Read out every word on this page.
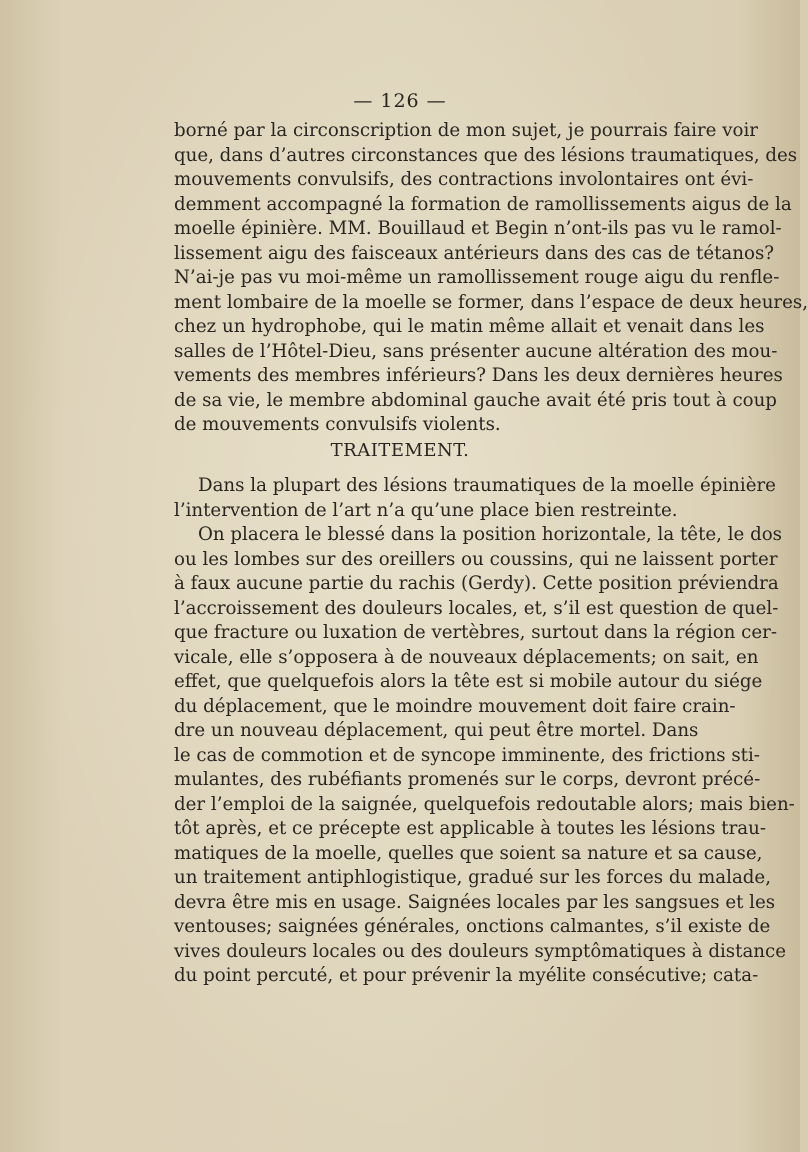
— 126 —
borné par la circonscription de mon sujet, je pourrais faire voir
que, dans d’autres circonstances que des lésions traumatiques, des
mouvements convulsifs, des contractions involontaires ont évi-
demment accompagné la formation de ramollissements aigus de la
moelle épinière. MM. Bouillaud et Begin n’ont-ils pas vu le ramol-
lissement aigu des faisceaux antérieurs dans des cas de tétanos?
N’ai-je pas vu moi-même un ramollissement rouge aigu du renfle-
ment lombaire de la moelle se former, dans l’espace de deux heures,
chez un hydrophobe, qui le matin même allait et venait dans les
salles de l’Hôtel-Dieu, sans présenter aucune altération des mou-
vements des membres inférieurs? Dans les deux dernières heures
de sa vie, le membre abdominal gauche avait été pris tout à coup
de mouvements convulsifs violents.
TRAITEMENT.
Dans la plupart des lésions traumatiques de la moelle épinière
l’intervention de l’art n’a qu’une place bien restreinte.
On placera le blessé dans la position horizontale, la tête, le dos
ou les lombes sur des oreillers ou coussins, qui ne laissent porter
à faux aucune partie du rachis (Gerdy). Cette position préviendra
l’accroissement des douleurs locales, et, s’il est question de quel-
que fracture ou luxation de vertèbres, surtout dans la région cer-
vicale, elle s’opposera à de nouveaux déplacements; on sait, en
effet, que quelquefois alors la tête est si mobile autour du siége
du déplacement, que le moindre mouvement doit faire crain-
dre un nouveau déplacement, qui peut être mortel. Dans
le cas de commotion et de syncope imminente, des frictions sti-
mulantes, des rubéfiants promenés sur le corps, devront précé-
der l’emploi de la saignée, quelquefois redoutable alors; mais bien-
tôt après, et ce précepte est applicable à toutes les lésions trau-
matiques de la moelle, quelles que soient sa nature et sa cause,
un traitement antiphlogistique, gradué sur les forces du malade,
devra être mis en usage. Saignées locales par les sangsues et les
ventouses; saignées générales, onctions calmantes, s’il existe de
vives douleurs locales ou des douleurs symptômatiques à distance
du point percuté, et pour prévenir la myélite consécutive; cata-
